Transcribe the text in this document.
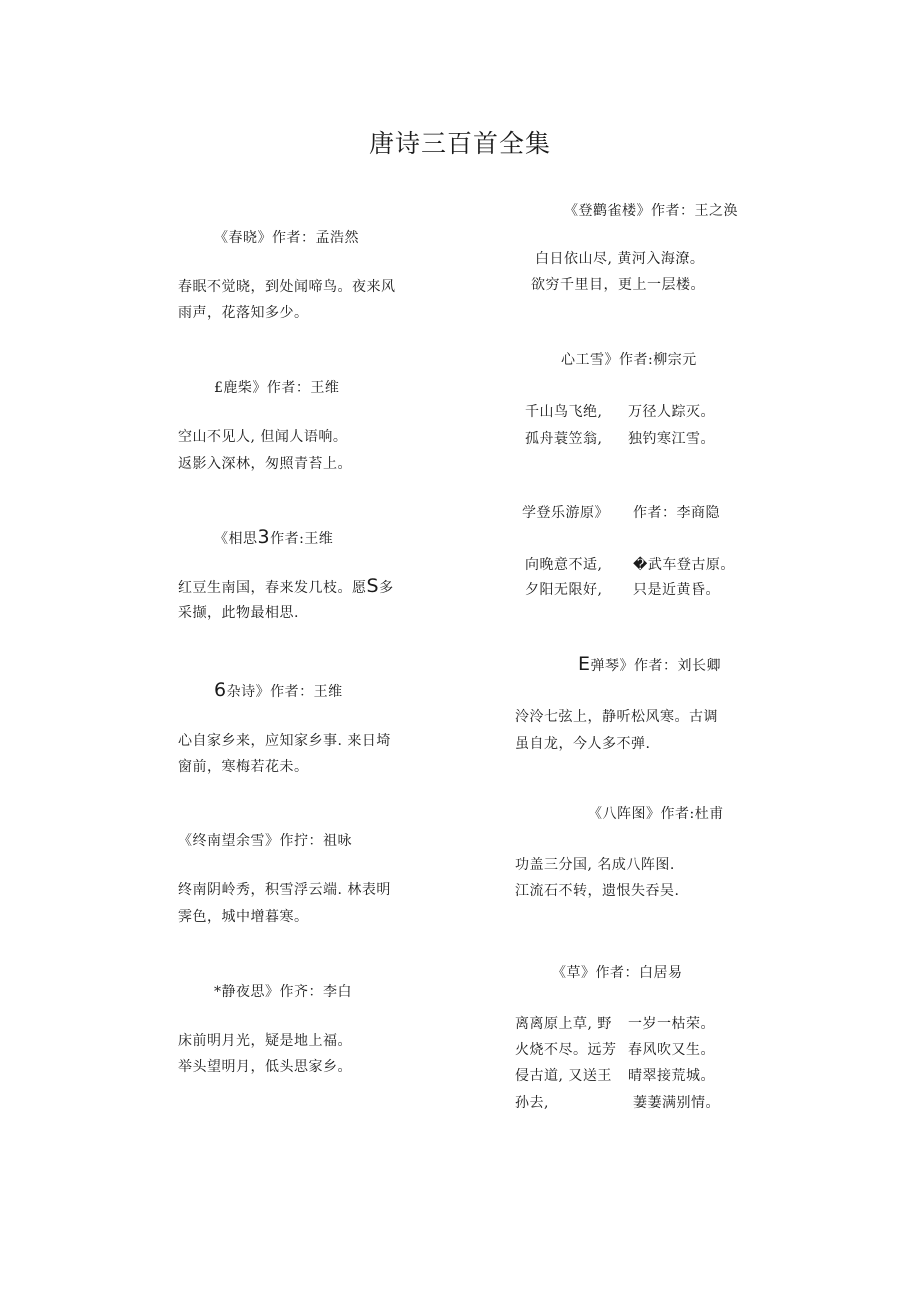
唐诗三百首全集
《春晓》作者：孟浩然
春眠不觉晓，到处闻啼鸟。夜来风
雨声，花落知多少。
£鹿柴》作者：王维
空山不见人, 但闻人语响。
返影入深林，匆照青苔上。
《相思3作者:王维
红豆生南国，春来发几枝。愿S多
采撷，此物最相思.
6杂诗》作者：王维
心自家乡来，应知家乡事. 来日埼
窗前，寒梅若花未。
《终南望余雪》作拧：祖咏
终南阴岭秀，积雪浮云端. 林表明
霁色，城中增暮寒。
*静夜思》作齐：李白
床前明月光，疑是地上福。
举头望明月，低头思家乡。
《登鹳雀楼》作者：王之涣
白日依山尽, 黄河入海潦。
欲穷千里目，更上一层楼。
心工雪》作者:柳宗元
千山鸟飞绝, 万径人踪灭。
孤舟蓑笠翁, 独钓寒江雪。
学登乐游原》 作者：李商隐
向晚意不适, �武车登古原。
夕阳无限好, 只是近黄昏。
E弹琴》作者：刘长卿
泠泠七弦上，静听松风寒。古调
虽自龙，今人多不弹.
《八阵图》作者:杜甫
功盖三分国, 名成八阵图.
江流石不转，遗恨失吞吴.
《草》作者：白居易
离离原上草, 野 一岁一枯荣。
火烧不尽。远芳 春风吹又生。
侵古道, 又送王 晴翠接荒城。
孙去,	萋萋满别情。
